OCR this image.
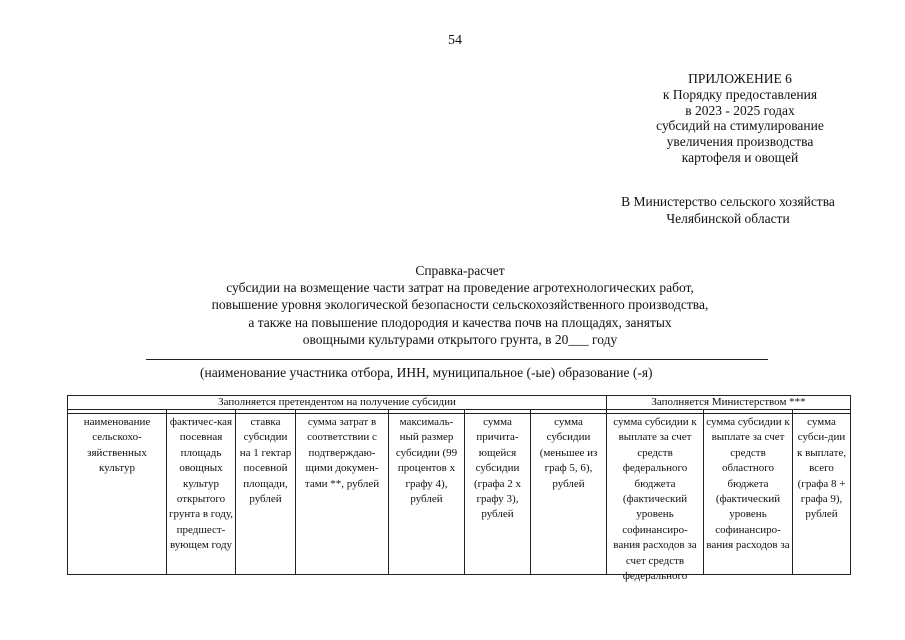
54
ПРИЛОЖЕНИЕ 6
к Порядку предоставления
в 2023 - 2025 годах
субсидий на стимулирование
увеличения производства
картофеля и овощей
В Министерство сельского хозяйства
Челябинской области
Справка-расчет
субсидии на возмещение части затрат на проведение агротехнологических работ,
повышение уровня экологической безопасности сельскохозяйственного производства,
а также на повышение плодородия и качества почв на площадях, занятых
овощными культурами открытого грунта, в 20___ году
(наименование участника отбора, ИНН, муниципальное (-ые) образование (-я)
Заполняется претендентом на получение субсидии							Заполняется Министерством ***		

наименование сельскохо-зяйственных культур	фактичес-кая посевная площадь овощных культур открытого грунта в году, предшест-вующем году	ставка субсидии на 1 гектар посевной площади, рублей	сумма затрат в соответствии с подтверждаю-щими докумен-тами **, рублей	максималь-ный размер субсидии (99 процентов x графу 4), рублей	сумма причита-ющейся субсидии (графа 2 x графу 3), рублей	сумма субсидии (меньшее из граф 5, 6), рублей	сумма субсидии к выплате за счет средств федерального бюджета (фактический уровень софинансиро-вания расходов за счет средств федерального	сумма субсидии к выплате за счет средств областного бюджета (фактический уровень софинансиро-вания расходов за	сумма субси-дии к выплате, всего (графа 8 + графа 9), рублей
